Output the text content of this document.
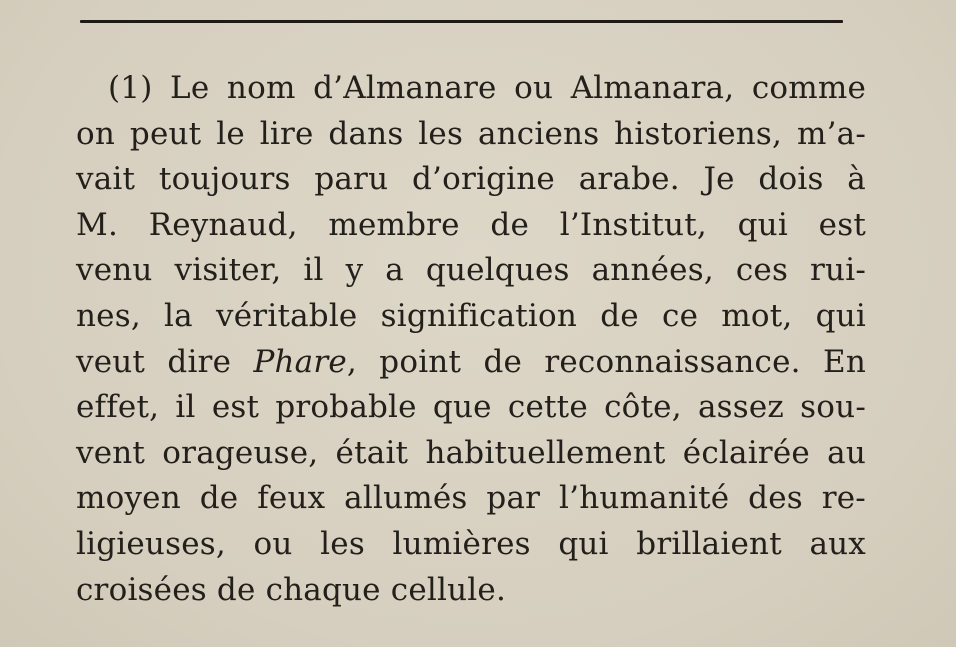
(1) Le nom d’Almanare ou Almanara, comme
on peut le lire dans les anciens historiens, m’a-
vait toujours paru d’origine arabe. Je dois à
M. Reynaud, membre de l’Institut, qui est
venu visiter, il y a quelques années, ces rui-
nes, la véritable signification de ce mot, qui
veut dire Phare, point de reconnaissance. En
effet, il est probable que cette côte, assez sou-
vent orageuse, était habituellement éclairée au
moyen de feux allumés par l’humanité des re-
ligieuses, ou les lumières qui brillaient aux
croisées de chaque cellule.
